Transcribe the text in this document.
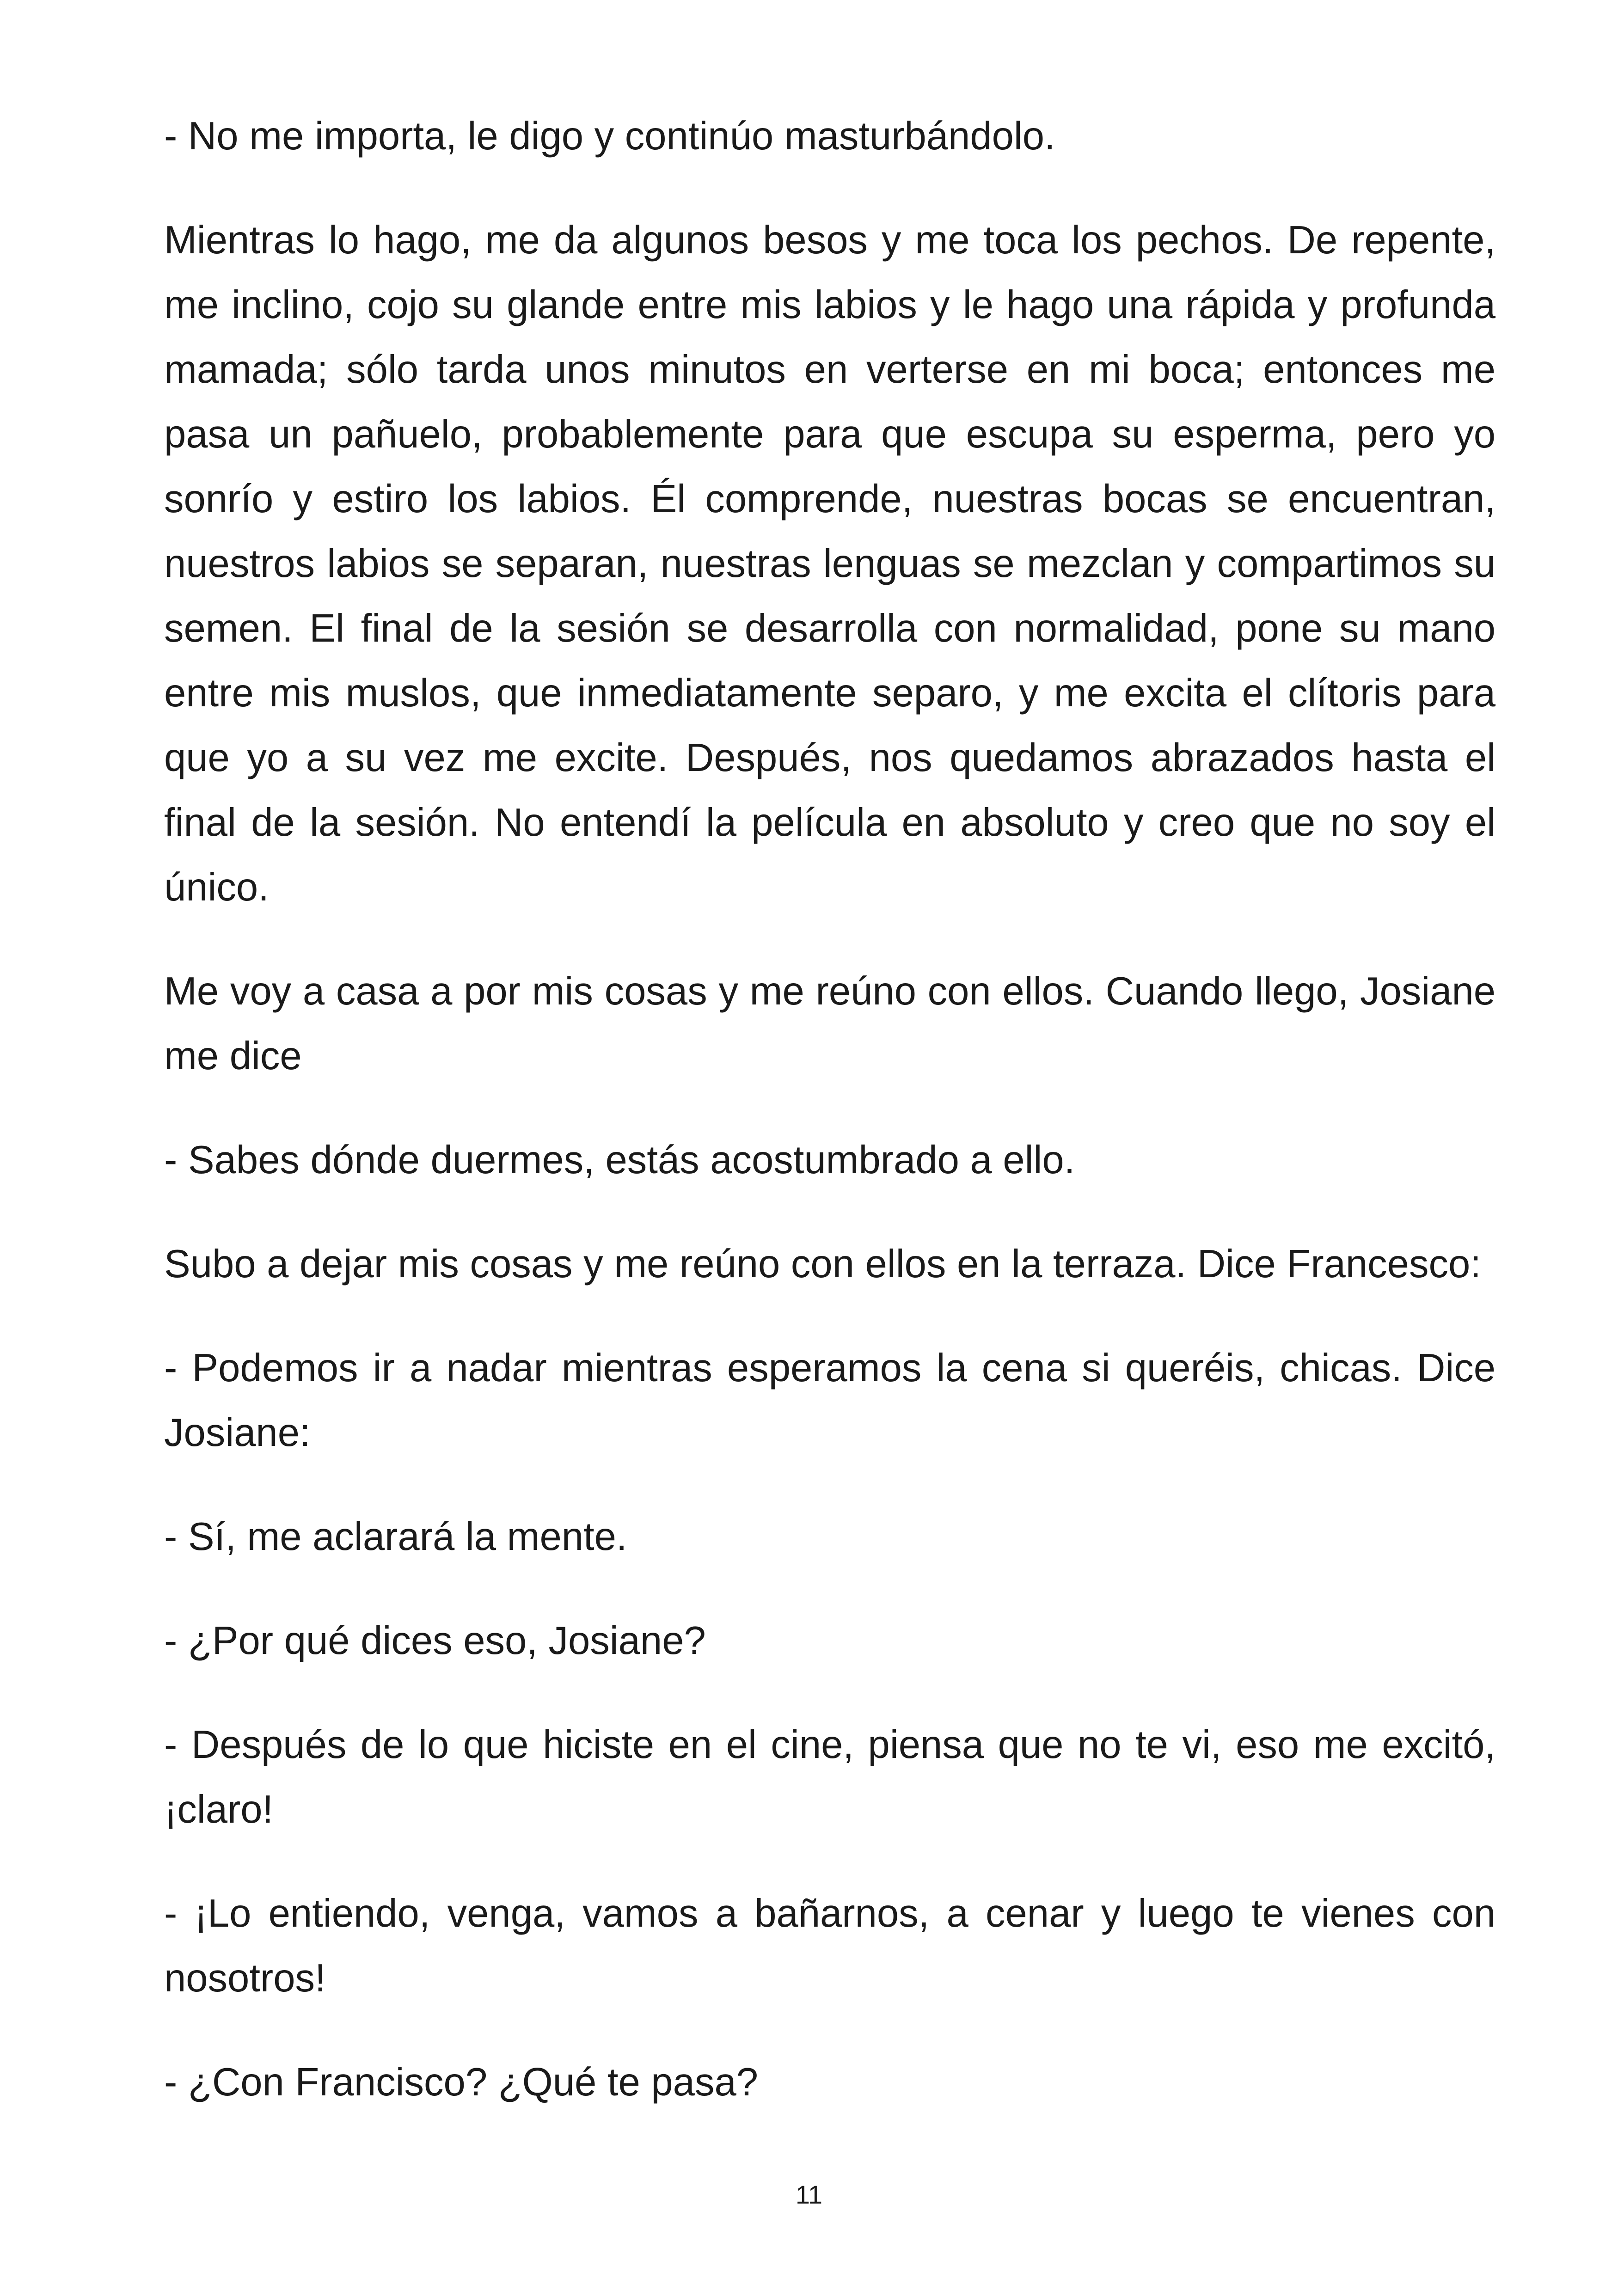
- No me importa, le digo y continúo masturbándolo.

Mientras lo hago, me da algunos besos y me toca los pechos. De repente, me inclino, cojo su glande entre mis labios y le hago una rápida y profunda mamada; sólo tarda unos minutos en verterse en mi boca; entonces me pasa un pañuelo, probablemente para que escupa su esperma, pero yo sonrío y estiro los labios. Él comprende, nuestras bocas se encuentran, nuestros labios se separan, nuestras lenguas se mezclan y compartimos su semen. El final de la sesión se desarrolla con normalidad, pone su mano entre mis muslos, que inmediatamente separo, y me excita el clítoris para que yo a su vez me excite. Después, nos quedamos abrazados hasta el final de la sesión. No entendí la película en absoluto y creo que no soy el único.

Me voy a casa a por mis cosas y me reúno con ellos. Cuando llego, Josiane me dice

- Sabes dónde duermes, estás acostumbrado a ello.

Subo a dejar mis cosas y me reúno con ellos en la terraza. Dice Francesco:

- Podemos ir a nadar mientras esperamos la cena si queréis, chicas. Dice Josiane:

- Sí, me aclarará la mente.

- ¿Por qué dices eso, Josiane?

- Después de lo que hiciste en el cine, piensa que no te vi, eso me excitó, ¡claro!

- ¡Lo entiendo, venga, vamos a bañarnos, a cenar y luego te vienes con nosotros!

- ¿Con Francisco? ¿Qué te pasa?

11
